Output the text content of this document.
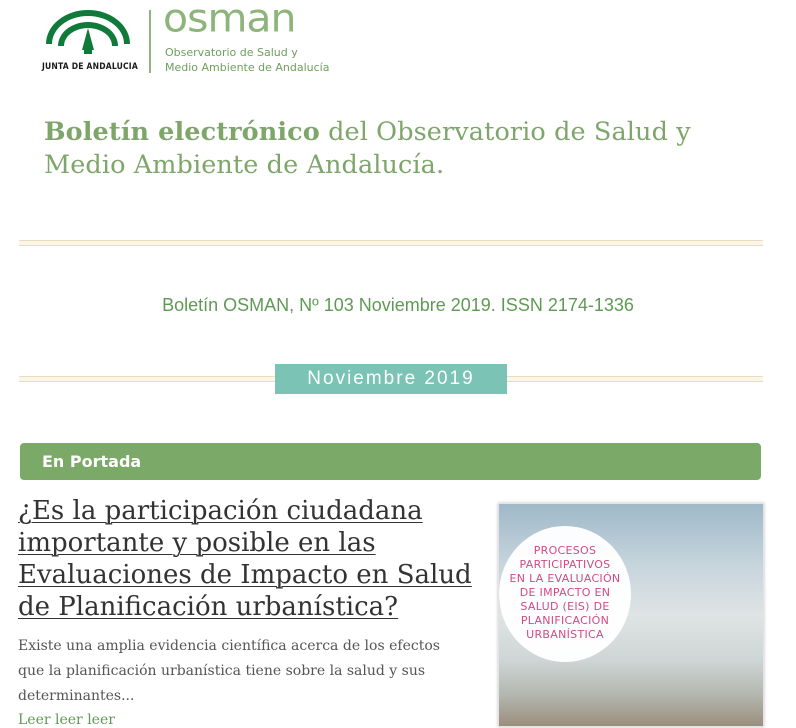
JUNTA DE ANDALUCIA
osman
Observatorio de Salud y
Medio Ambiente de Andalucía
Boletín electrónico del Observatorio de Salud y Medio Ambiente de Andalucía.
Boletín OSMAN, Nº 103 Noviembre 2019. ISSN 2174-1336
Noviembre 2019
En Portada
¿Es la participación ciudadana importante y posible en las Evaluaciones de Impacto en Salud de Planificación urbanística?
Existe una amplia evidencia científica acerca de los efectos que la planificación urbanística tiene sobre la salud y sus determinantes...
Leer leer leer
PROCESOS
PARTICIPATIVOS
EN LA EVALUACIÓN
DE IMPACTO EN
SALUD (EIS) DE
PLANIFICACIÓN
URBANÍSTICA
